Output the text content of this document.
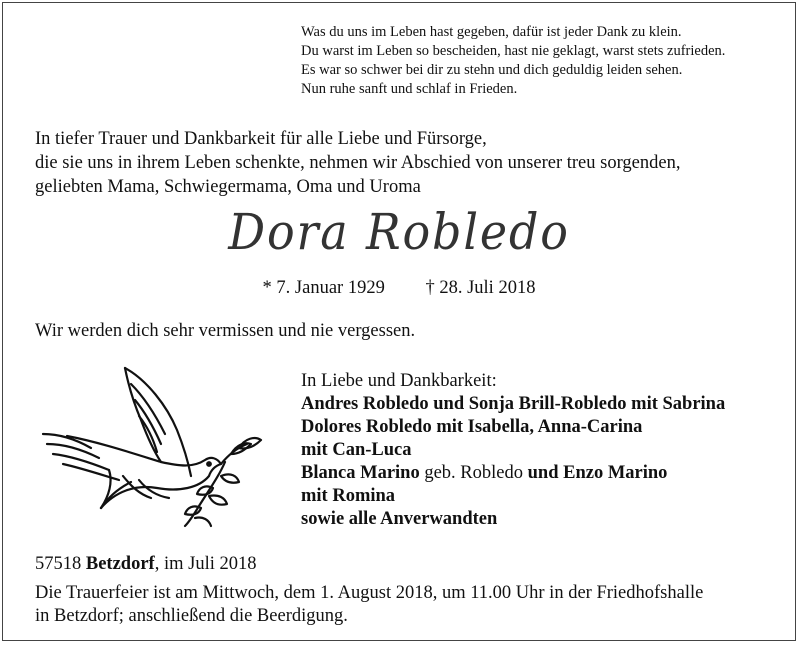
Was du uns im Leben hast gegeben, dafür ist jeder Dank zu klein.
Du warst im Leben so bescheiden, hast nie geklagt, warst stets zufrieden.
Es war so schwer bei dir zu stehn und dich geduldig leiden sehen.
Nun ruhe sanft und schlaf in Frieden.
In tiefer Trauer und Dankbarkeit für alle Liebe und Fürsorge,
die sie uns in ihrem Leben schenkte, nehmen wir Abschied von unserer treu sorgenden,
geliebten Mama, Schwiegermama, Oma und Uroma
Dora Robledo
* 7. Januar 1929 † 28. Juli 2018
Wir werden dich sehr vermissen und nie vergessen.
In Liebe und Dankbarkeit:
Andres Robledo und Sonja Brill-Robledo mit Sabrina
Dolores Robledo mit Isabella, Anna-Carina
mit Can-Luca
Blanca Marino geb. Robledo und Enzo Marino
mit Romina
sowie alle Anverwandten
57518 Betzdorf, im Juli 2018
Die Trauerfeier ist am Mittwoch, dem 1. August 2018, um 11.00 Uhr in der Friedhofshalle
in Betzdorf; anschließend die Beerdigung.
